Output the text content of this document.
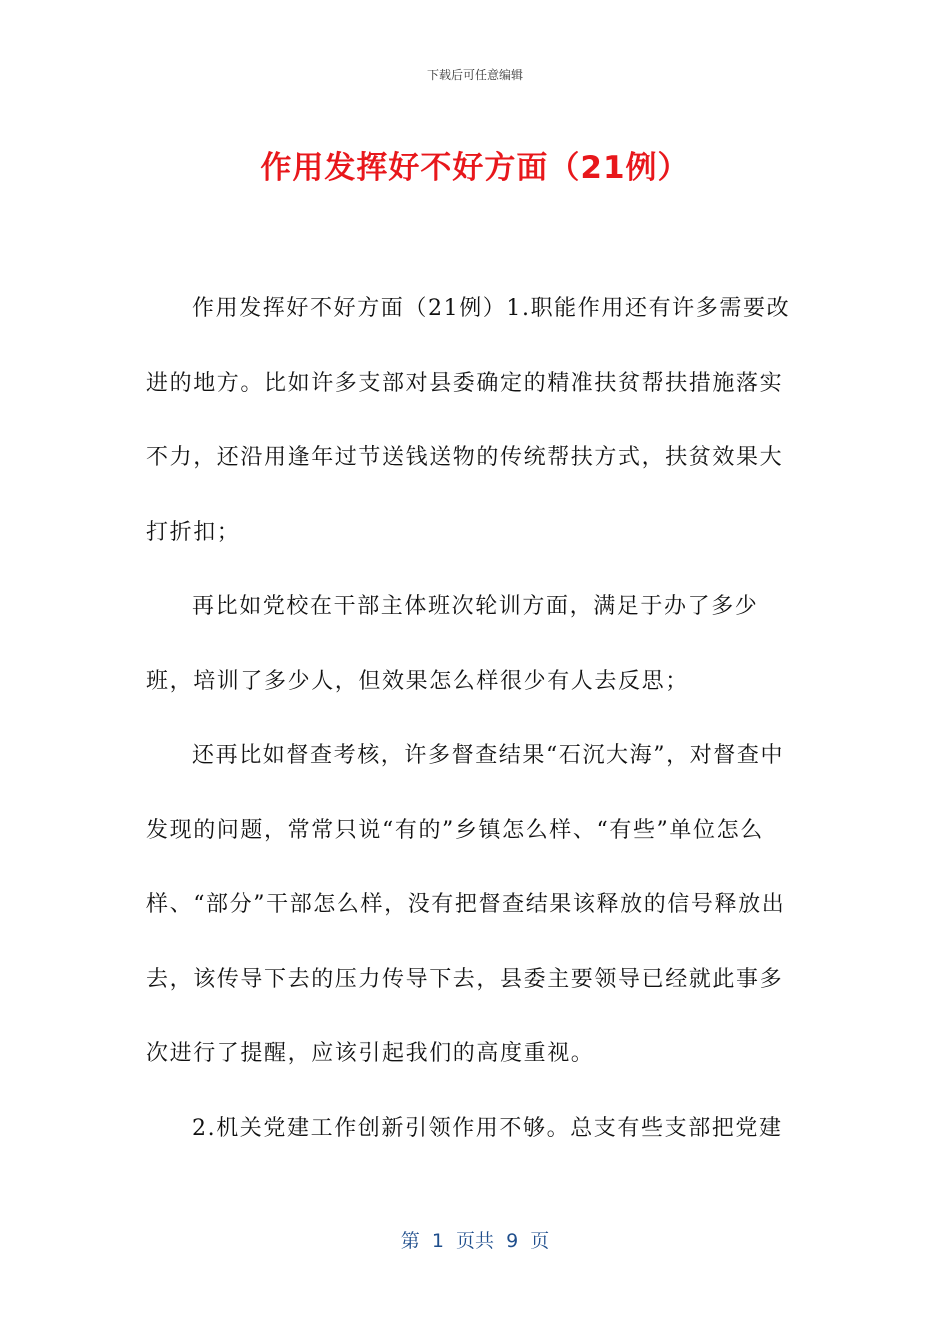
下载后可任意编辑
作用发挥好不好方面（21例）

作用发挥好不好方面（21例）1.职能作用还有许多需要改进的地方。比如许多支部对县委确定的精准扶贫帮扶措施落实不力，还沿用逢年过节送钱送物的传统帮扶方式，扶贫效果大打折扣；

再比如党校在干部主体班次轮训方面，满足于办了多少班，培训了多少人，但效果怎么样很少有人去反思；

还再比如督查考核，许多督查结果“石沉大海”，对督查中发现的问题，常常只说“有的”乡镇怎么样、“有些”单位怎么样、“部分”干部怎么样，没有把督查结果该释放的信号释放出去，该传导下去的压力传导下去，县委主要领导已经就此事多次进行了提醒，应该引起我们的高度重视。

2.机关党建工作创新引领作用不够。总支有些支部把党建

第  1  页共  9  页
